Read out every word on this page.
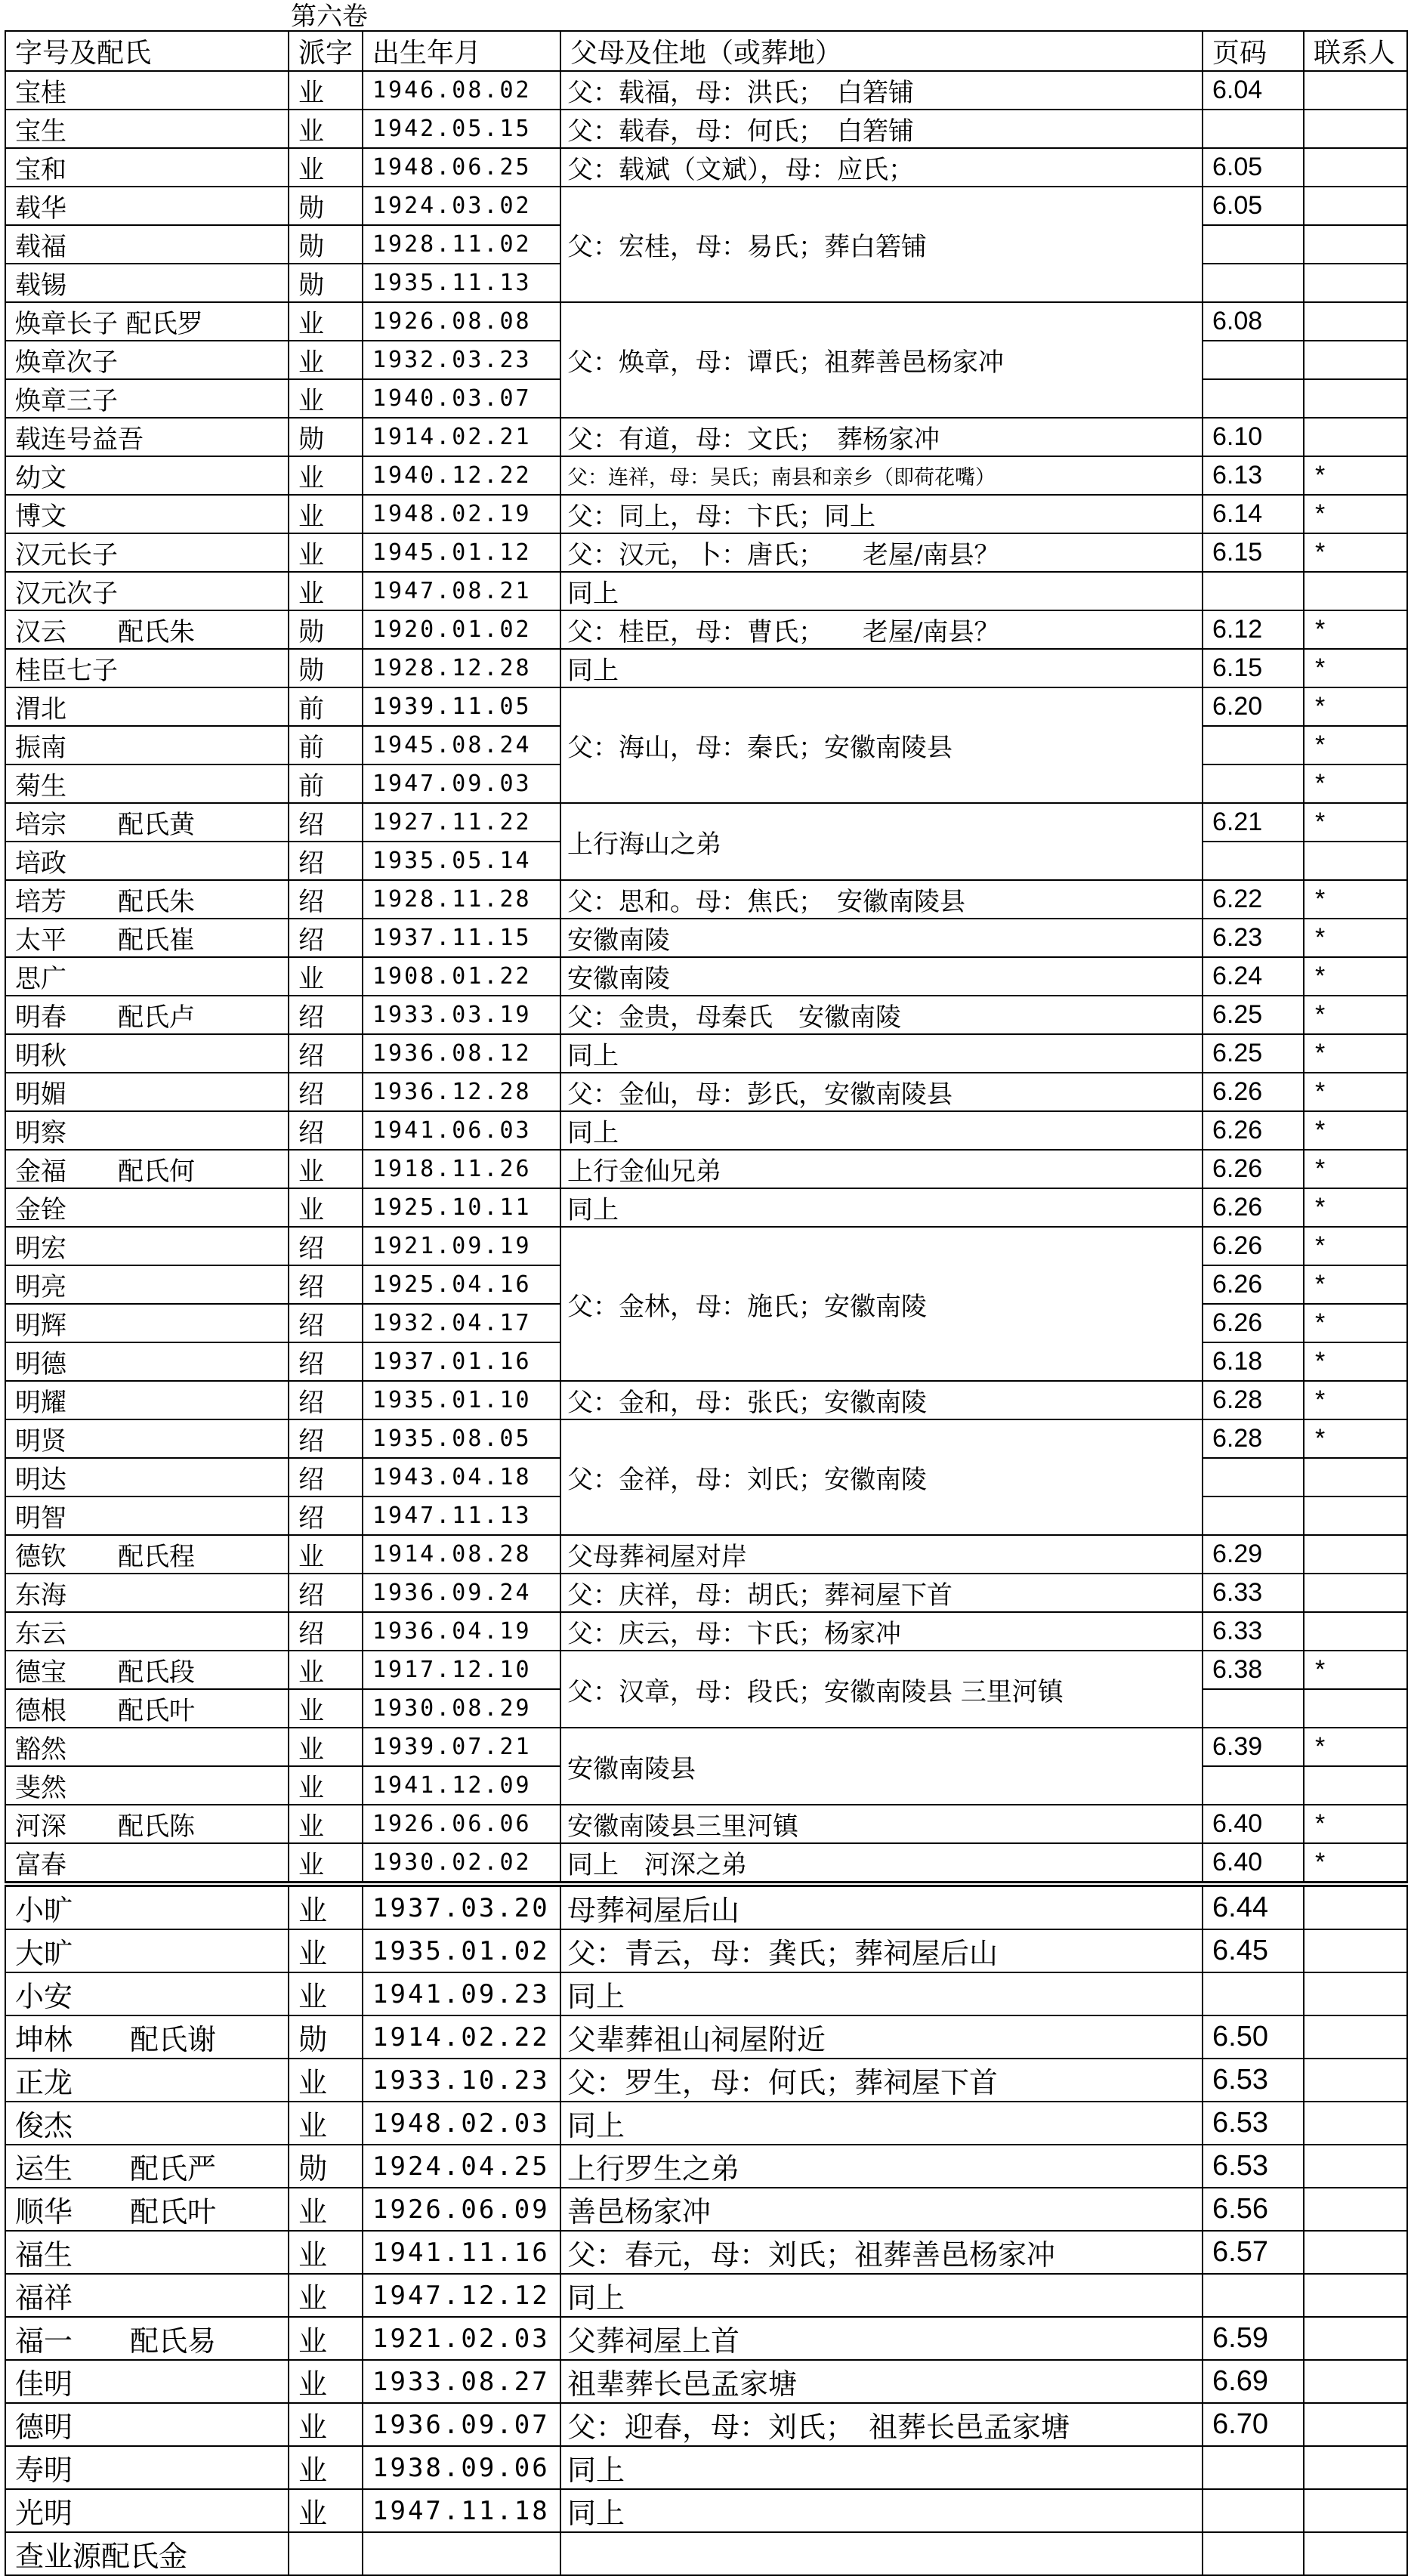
第六卷
字号及配氏	派字	出生年月	父母及住地（或葬地）	页码	联系人
宝桂	业	1946.08.02	父：载福，母：洪氏；　白箬铺	6.04	
宝生	业	1942.05.15	父：载春，母：何氏；　白箬铺		
宝和	业	1948.06.25	父：载斌（文斌），母：应氏；	6.05	
载华	勋	1924.03.02	父：宏桂，母：易氏；葬白箬铺	6.05	
载福	勋	1928.11.02			
载锡	勋	1935.11.13			
焕章长子 配氏罗	业	1926.08.08	父：焕章，母：谭氏；祖葬善邑杨家冲	6.08	
焕章次子	业	1932.03.23			
焕章三子	业	1940.03.07			
载连号益吾	勋	1914.02.21	父：有道，母：文氏；　葬杨家冲	6.10	
幼文	业	1940.12.22	父：连祥，母：吴氏；南县和亲乡（即荷花嘴）	6.13	*
博文	业	1948.02.19	父：同上，母：卞氏；同上	6.14	*
汉元长子	业	1945.01.12	父：汉元，卜：唐氏；　　老屋/南县？	6.15	*
汉元次子	业	1947.08.21	同上		
汉云　　配氏朱	勋	1920.01.02	父：桂臣，母：曹氏；　　老屋/南县？	6.12	*
桂臣七子	勋	1928.12.28	同上	6.15	*
渭北	前	1939.11.05	父：海山，母：秦氏；安徽南陵县	6.20	*
振南	前	1945.08.24			*
菊生	前	1947.09.03			*
培宗　　配氏黄	绍	1927.11.22	上行海山之弟	6.21	*
培政	绍	1935.05.14			
培芳　　配氏朱	绍	1928.11.28	父：思和。母：焦氏；　安徽南陵县	6.22	*
太平　　配氏崔	绍	1937.11.15	安徽南陵	6.23	*
思广	业	1908.01.22	安徽南陵	6.24	*
明春　　配氏卢	绍	1933.03.19	父：金贵，母秦氏　安徽南陵	6.25	*
明秋	绍	1936.08.12	同上	6.25	*
明媚	绍	1936.12.28	父：金仙，母：彭氏，安徽南陵县	6.26	*
明察	绍	1941.06.03	同上	6.26	*
金福　　配氏何	业	1918.11.26	上行金仙兄弟	6.26	*
金铨	业	1925.10.11	同上	6.26	*
明宏	绍	1921.09.19	父：金林，母：施氏；安徽南陵	6.26	*
明亮	绍	1925.04.16		6.26	*
明辉	绍	1932.04.17		6.26	*
明德	绍	1937.01.16		6.18	*
明耀	绍	1935.01.10	父：金和，母：张氏；安徽南陵	6.28	*
明贤	绍	1935.08.05	父：金祥，母：刘氏；安徽南陵	6.28	*
明达	绍	1943.04.18			
明智	绍	1947.11.13			
德钦　　配氏程	业	1914.08.28	父母葬祠屋对岸	6.29	
东海	绍	1936.09.24	父：庆祥，母：胡氏；葬祠屋下首	6.33	
东云	绍	1936.04.19	父：庆云，母：卞氏；杨家冲	6.33	
德宝　　配氏段	业	1917.12.10	父：汉章，母：段氏；安徽南陵县 三里河镇	6.38	*
德根　　配氏叶	业	1930.08.29			
豁然	业	1939.07.21	安徽南陵县	6.39	*
斐然	业	1941.12.09			
河深　　配氏陈	业	1926.06.06	安徽南陵县三里河镇	6.40	*
富春	业	1930.02.02	同上　河深之弟	6.40	*
小旷	业	1937.03.20	母葬祠屋后山	6.44	
大旷	业	1935.01.02	父：青云，母：龚氏；葬祠屋后山	6.45	
小安	业	1941.09.23	同上		
坤林　　配氏谢	勋	1914.02.22	父辈葬祖山祠屋附近	6.50	
正龙	业	1933.10.23	父：罗生，母：何氏；葬祠屋下首	6.53	
俊杰	业	1948.02.03	同上	6.53	
运生　　配氏严	勋	1924.04.25	上行罗生之弟	6.53	
顺华　　配氏叶	业	1926.06.09	善邑杨家冲	6.56	
福生	业	1941.11.16	父：春元，母：刘氏；祖葬善邑杨家冲	6.57	
福祥	业	1947.12.12	同上		
福一　　配氏易	业	1921.02.03	父葬祠屋上首	6.59	
佳明	业	1933.08.27	祖辈葬长邑孟家塘	6.69	
德明	业	1936.09.07	父：迎春，母：刘氏；　祖葬长邑孟家塘	6.70	
寿明	业	1938.09.06	同上		
光明	业	1947.11.18	同上		
查业源配氏金					
